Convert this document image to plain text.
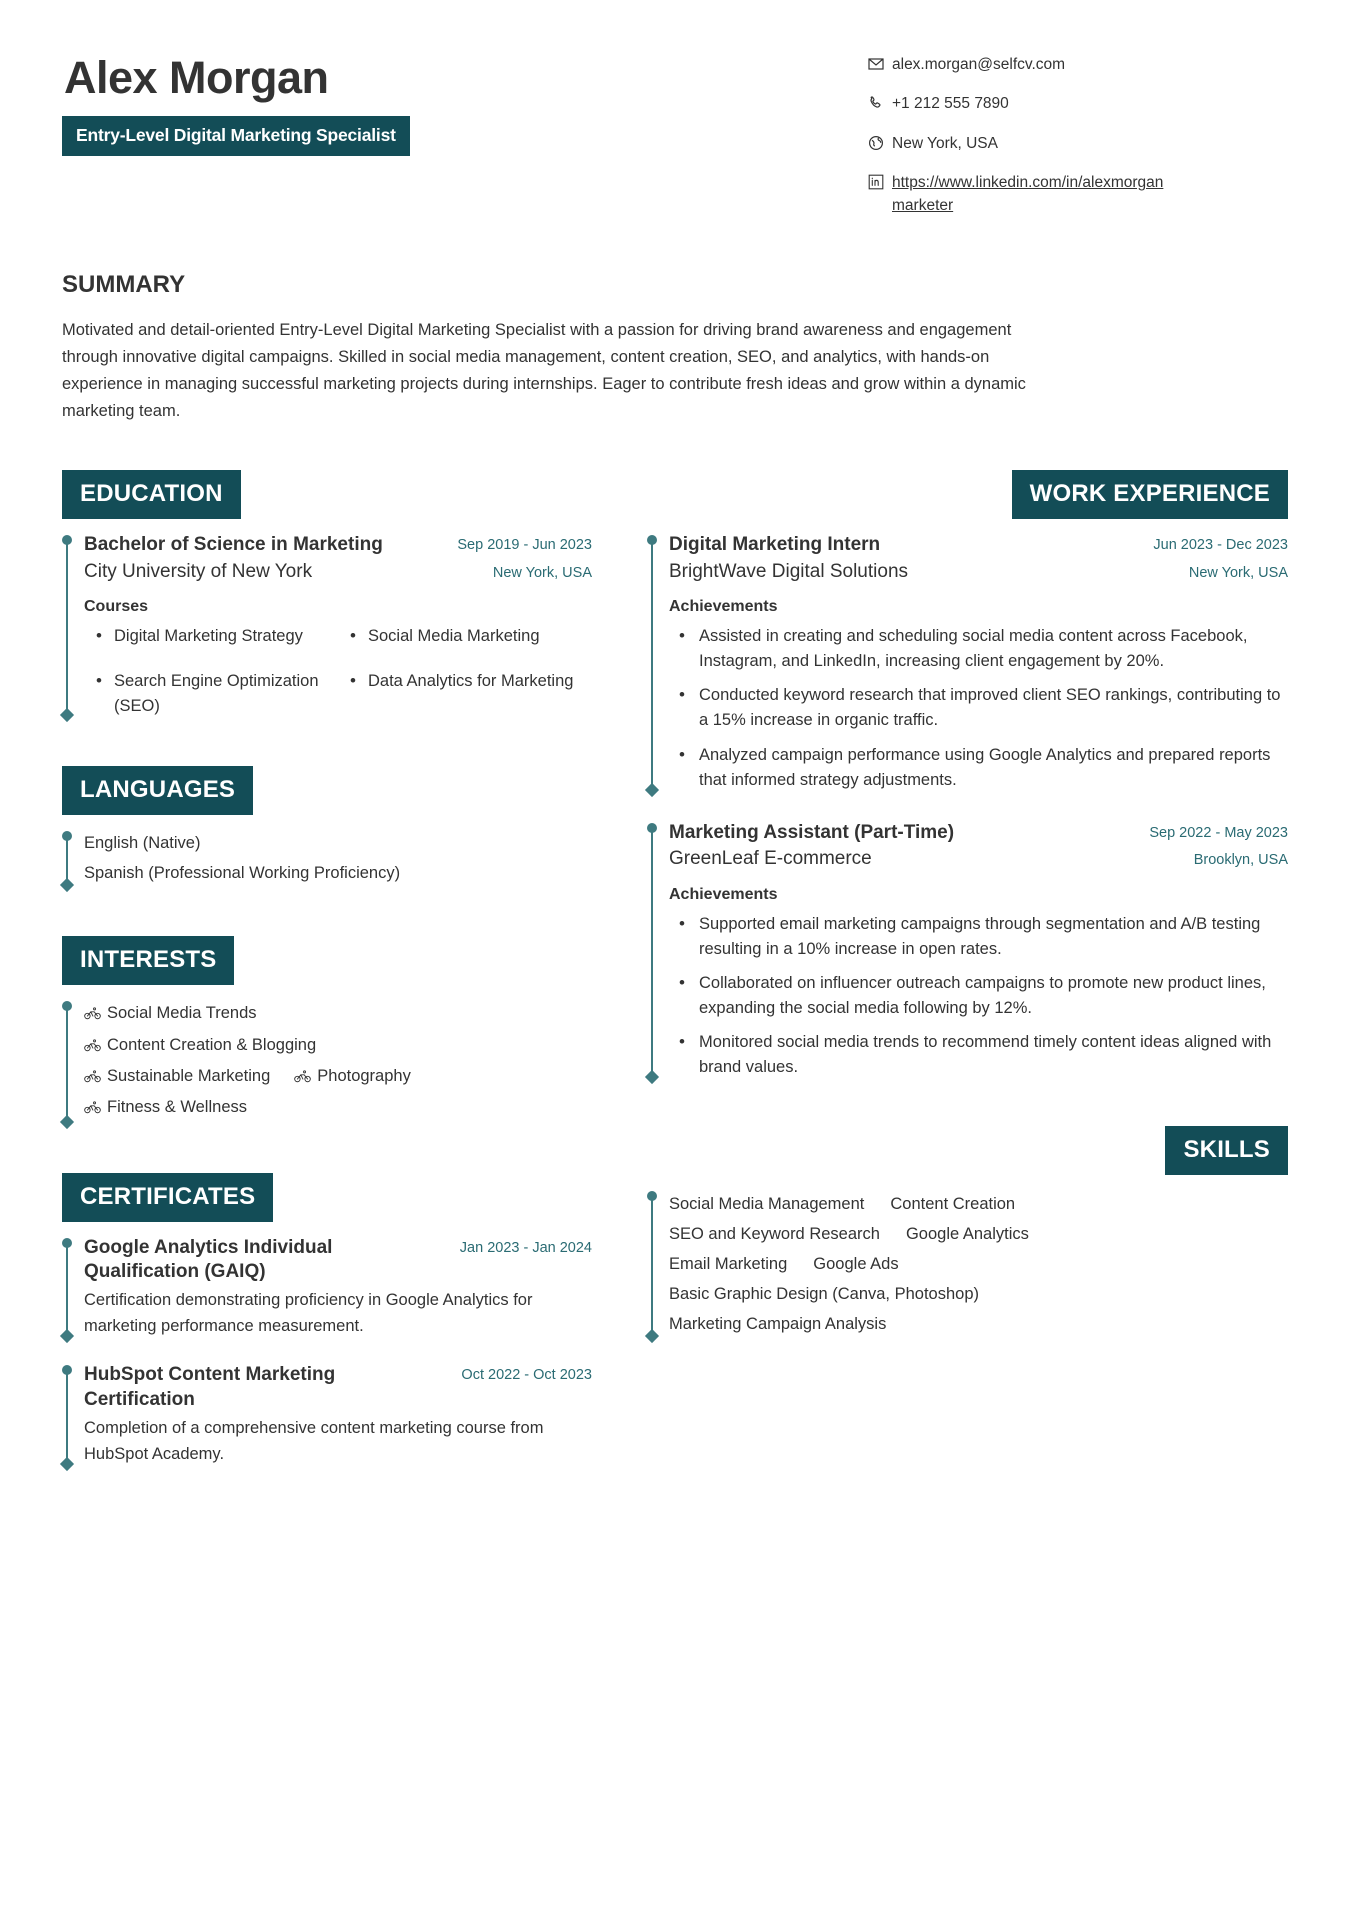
Alex Morgan
Entry-Level Digital Marketing Specialist
alex.morgan@selfcv.com
+1 212 555 7890
New York, USA
https://www.linkedin.com/in/alexmorgan
marketer
SUMMARY
Motivated and detail-oriented Entry-Level Digital Marketing Specialist with a passion for driving brand awareness and engagement through innovative digital campaigns. Skilled in social media management, content creation, SEO, and analytics, with hands-on experience in managing successful marketing projects during internships. Eager to contribute fresh ideas and grow within a dynamic marketing team.
EDUCATION
Bachelor of Science in Marketing	Sep 2019 - Jun 2023
City University of New York	New York, USA
Courses
• Digital Marketing Strategy
• Search Engine Optimization (SEO)
• Social Media Marketing
• Data Analytics for Marketing
LANGUAGES
English (Native)
Spanish (Professional Working Proficiency)
INTERESTS
Social Media Trends
Content Creation & Blogging
Sustainable Marketing	Photography
Fitness & Wellness
CERTIFICATES
Google Analytics Individual Qualification (GAIQ)
Jan 2023 - Jan 2024
Certification demonstrating proficiency in Google Analytics for marketing performance measurement.
HubSpot Content Marketing Certification
Oct 2022 - Oct 2023
Completion of a comprehensive content marketing course from HubSpot Academy.
WORK EXPERIENCE
Digital Marketing Intern	Jun 2023 - Dec 2023
BrightWave Digital Solutions	New York, USA
Achievements
• Assisted in creating and scheduling social media content across Facebook, Instagram, and LinkedIn, increasing client engagement by 20%.
• Conducted keyword research that improved client SEO rankings, contributing to a 15% increase in organic traffic.
• Analyzed campaign performance using Google Analytics and prepared reports that informed strategy adjustments.
Marketing Assistant (Part-Time)	Sep 2022 - May 2023
GreenLeaf E-commerce	Brooklyn, USA
Achievements
• Supported email marketing campaigns through segmentation and A/B testing resulting in a 10% increase in open rates.
• Collaborated on influencer outreach campaigns to promote new product lines, expanding the social media following by 12%.
• Monitored social media trends to recommend timely content ideas aligned with brand values.
SKILLS
Social Media Management Content Creation
SEO and Keyword Research Google Analytics
Email Marketing Google Ads
Basic Graphic Design (Canva, Photoshop)
Marketing Campaign Analysis
